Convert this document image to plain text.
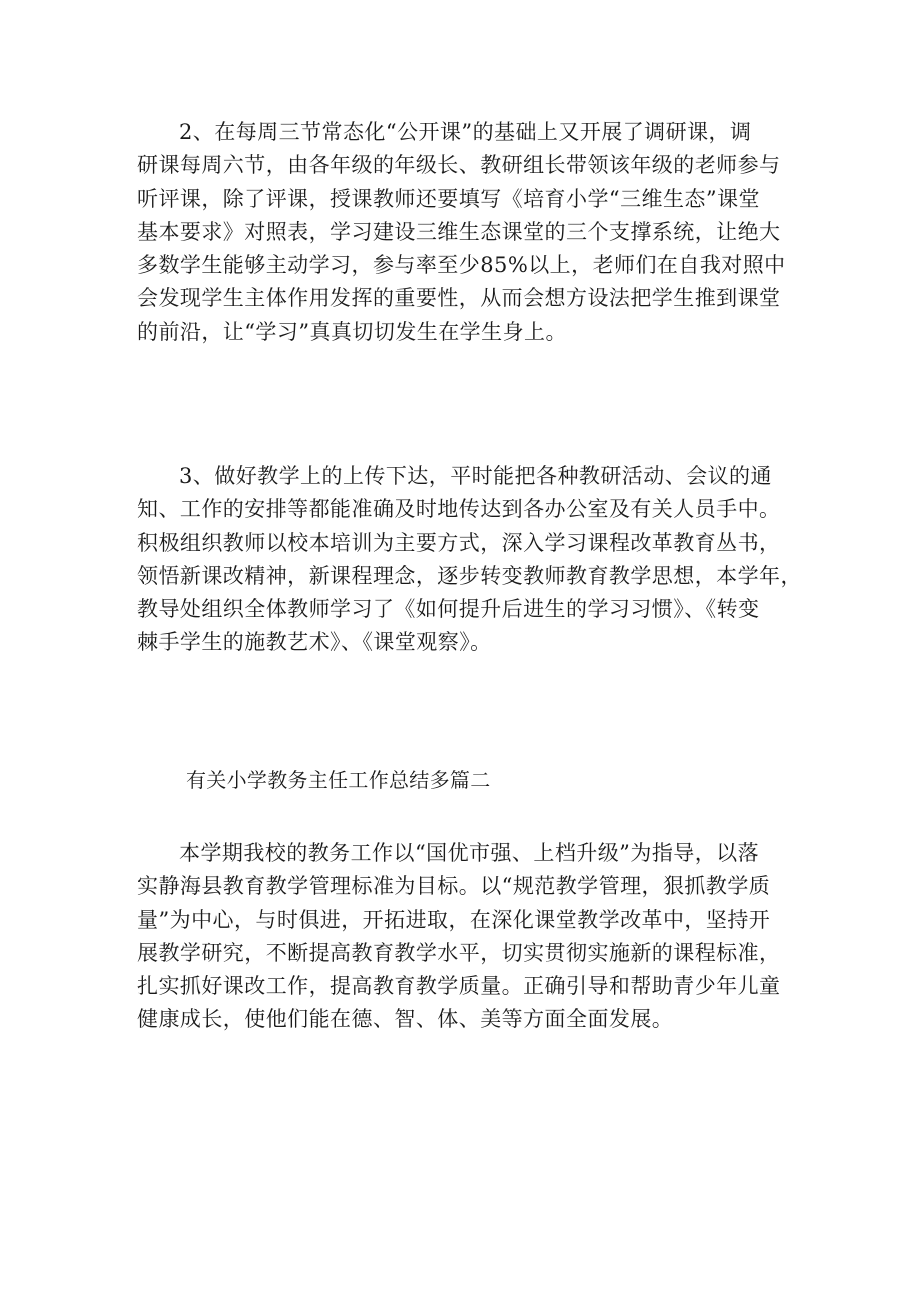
2、在每周三节常态化“公开课”的基础上又开展了调研课，调
研课每周六节，由各年级的年级长、教研组长带领该年级的老师参与
听评课，除了评课，授课教师还要填写《培育小学“三维生态”课堂
基本要求》对照表，学习建设三维生态课堂的三个支撑系统，让绝大
多数学生能够主动学习，参与率至少85%以上，老师们在自我对照中
会发现学生主体作用发挥的重要性，从而会想方设法把学生推到课堂
的前沿，让“学习”真真切切发生在学生身上。

3、做好教学上的上传下达，平时能把各种教研活动、会议的通
知、工作的安排等都能准确及时地传达到各办公室及有关人员手中。
积极组织教师以校本培训为主要方式，深入学习课程改革教育丛书，
领悟新课改精神，新课程理念，逐步转变教师教育教学思想，本学年，
教导处组织全体教师学习了《如何提升后进生的学习习惯》、《转变
棘手学生的施教艺术》、《课堂观察》。

有关小学教务主任工作总结多篇二

本学期我校的教务工作以“国优市强、上档升级”为指导，以落
实静海县教育教学管理标准为目标。以“规范教学管理，狠抓教学质
量”为中心，与时俱进，开拓进取，在深化课堂教学改革中，坚持开
展教学研究，不断提高教育教学水平，切实贯彻实施新的课程标准，
扎实抓好课改工作，提高教育教学质量。正确引导和帮助青少年儿童
健康成长，使他们能在德、智、体、美等方面全面发展。
